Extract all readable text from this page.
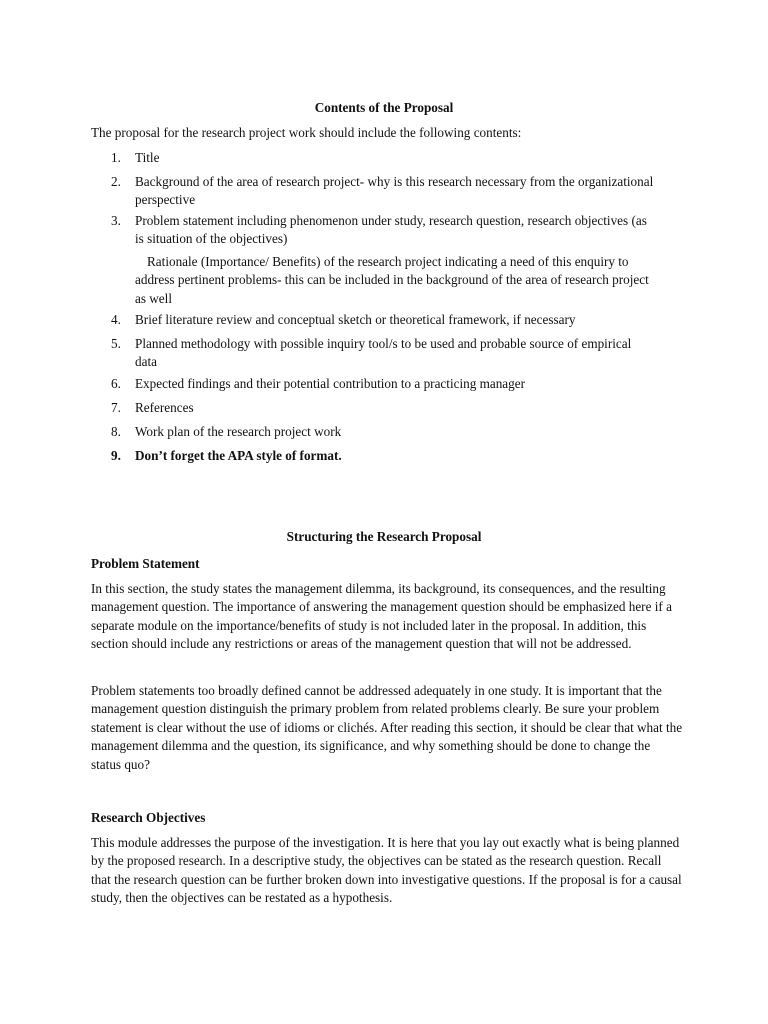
Contents of the Proposal
The proposal for the research project work should include the following contents:
1. Title
2. Background of the area of research project- why is this research necessary from the organizational perspective
3. Problem statement including phenomenon under study, research question, research objectives (as is situation of the objectives)
Rationale (Importance/ Benefits) of the research project indicating a need of this enquiry to address pertinent problems- this can be included in the background of the area of research project as well
4. Brief literature review and conceptual sketch or theoretical framework, if necessary
5. Planned methodology with possible inquiry tool/s to be used and probable source of empirical data
6. Expected findings and their potential contribution to a practicing manager
7. References
8. Work plan of the research project work
9. Don’t forget the APA style of format.
Structuring the Research Proposal
Problem Statement

In this section, the study states the management dilemma, its background, its consequences, and the resulting management question. The importance of answering the management question should be emphasized here if a separate module on the importance/benefits of study is not included later in the proposal. In addition, this section should include any restrictions or areas of the management question that will not be addressed.

Problem statements too broadly defined cannot be addressed adequately in one study. It is important that the management question distinguish the primary problem from related problems clearly. Be sure your problem statement is clear without the use of idioms or clichés. After reading this section, it should be clear that what the management dilemma and the question, its significance, and why something should be done to change the status quo?

Research Objectives

This module addresses the purpose of the investigation. It is here that you lay out exactly what is being planned by the proposed research. In a descriptive study, the objectives can be stated as the research question. Recall that the research question can be further broken down into investigative questions. If the proposal is for a causal study, then the objectives can be restated as a hypothesis.
